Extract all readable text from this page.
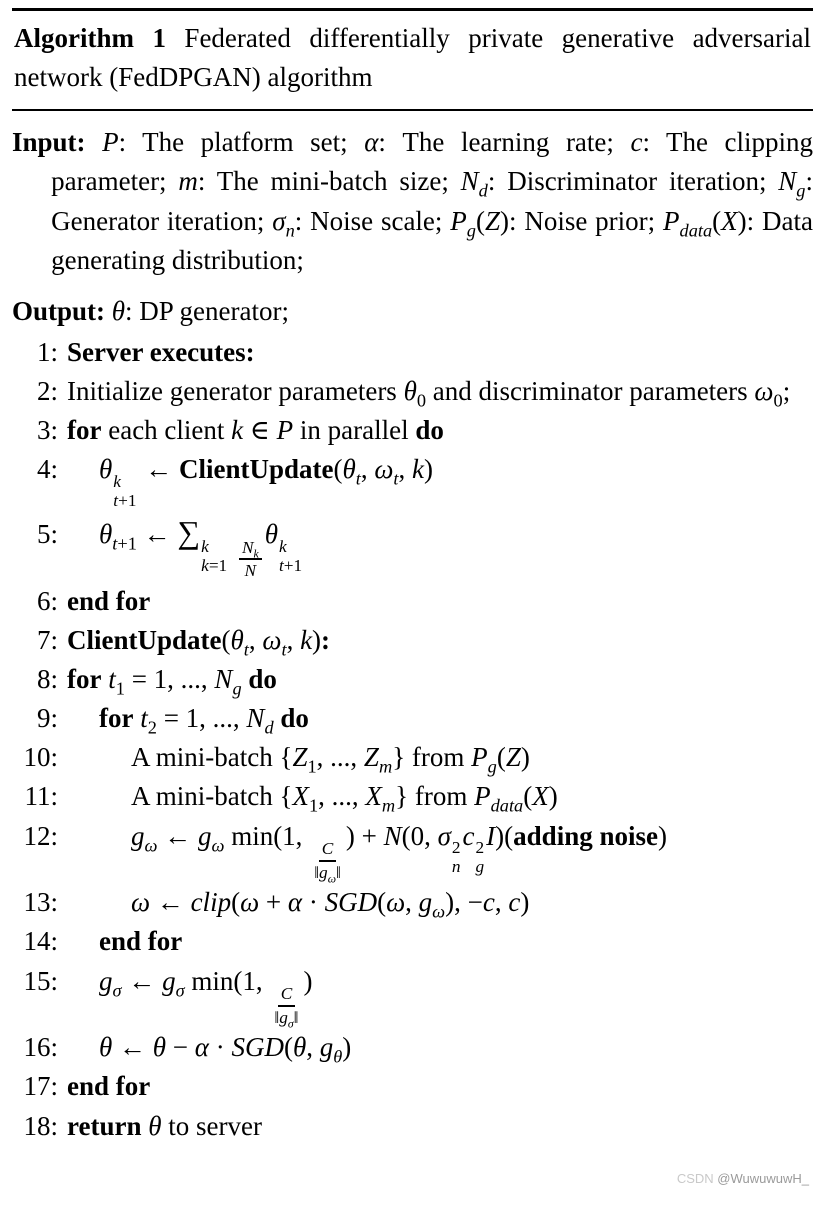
Algorithm 1 Federated differentially private generative adversarial network (FedDPGAN) algorithm
Input: P: The platform set; α: The learning rate; c: The clipping parameter; m: The mini-batch size; $N_d$: Discriminator iteration; $N_g$: Generator iteration; $\sigma_n$: Noise scale; $P_g(Z)$: Noise prior; $P_{data}(X)$: Data generating distribution;
Output: θ: DP generator;
1: Server executes:
2: Initialize generator parameters $\theta_0$ and discriminator parameters $\omega_0$;
3: for each client k ∈ P in parallel do
4:	θ k
t+1
← $ClientUpdate(\theta_t$, $\omega_t$, k)
5:	$\theta_{t+1}$ ← ∑ k
k=1
$\frac{N_k}{N}$
θ k
t+1
6: end for
7: $ClientUpdate(\theta_t$, $\omega_t$, k):
8: for $t_1 = 1$, ..., $N_g$ do
9:	for $t_2 = 1$, ..., $N_d$ do
10:	A mini-batch {$Z_1$, ..., $Z_m$} from $P_g(Z)$
11:	A mini-batch {$X_1$, ..., $X_m$} from $P_{data}(X)$
12:	$g_\omega$ ← $g_\omega$ min(1,
$\frac{C}{‖g_\omega‖}$
) + N(0, σ 2
n
c 2
g
I)(adding noise)
13:	ω ← clip(ω + α · SGD(ω, $g_\omega$), −c, c)
14:	end for
15:	$g_\sigma$ ← $g_\sigma$ min(1,
$\frac{C}{‖g_\sigma‖}$
)
16:	θ ← θ − α · SGD(θ, $g_\theta$)
17: end for
18: return θ to server
CSDN @WuwuwuwH_
